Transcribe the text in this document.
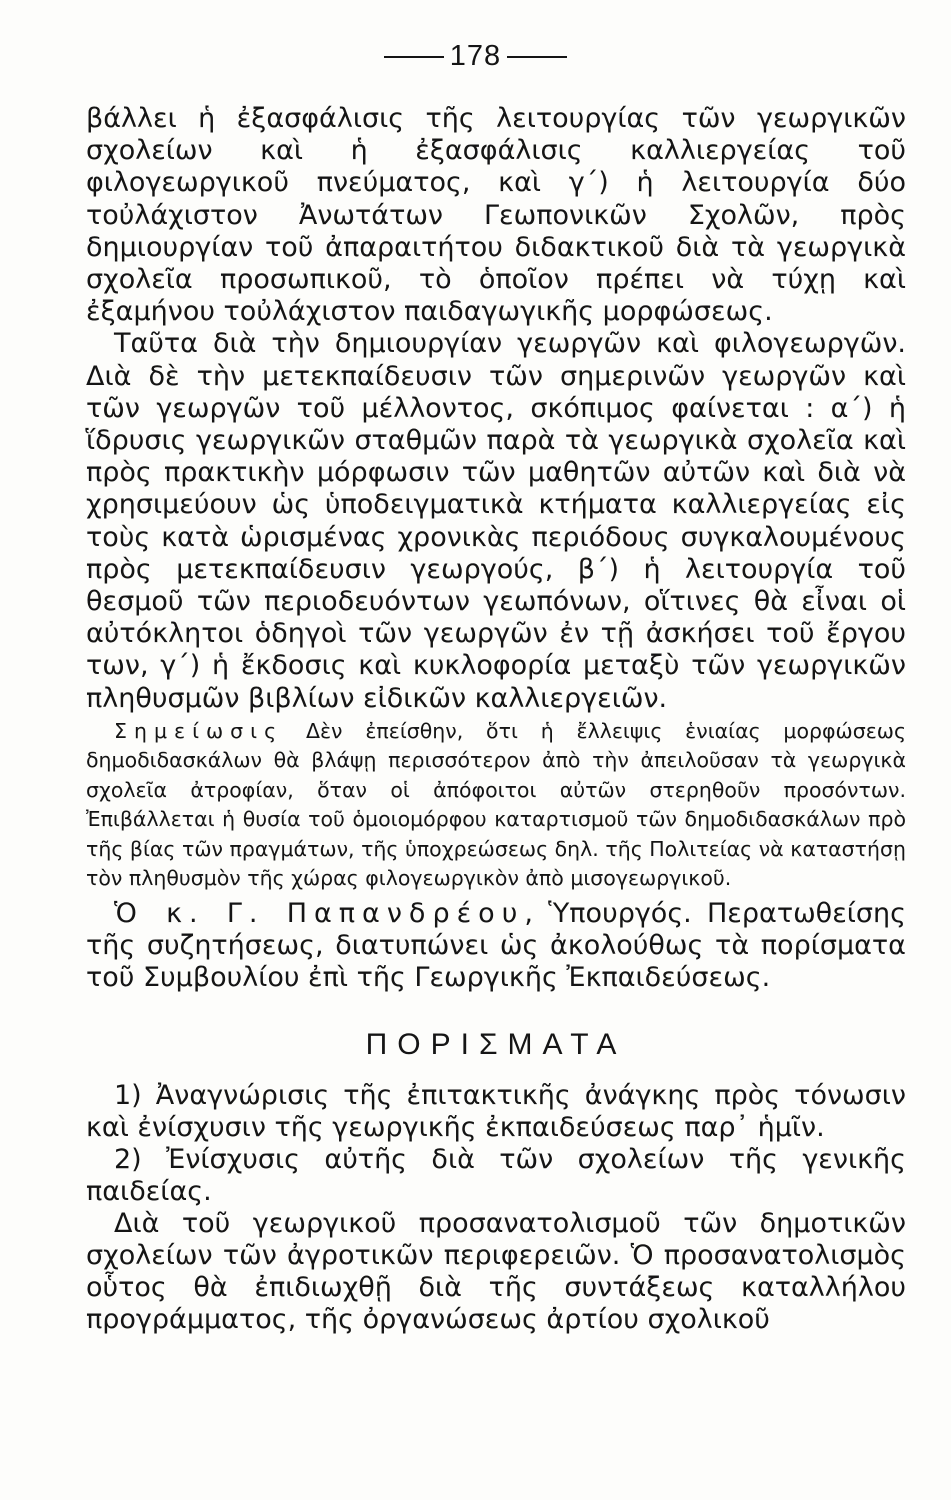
178

βάλλει ἡ ἐξασφάλισις τῆς λειτουργίας τῶν γεωργικῶν σχολείων καὶ ἡ ἐξασφάλισις καλλιεργείας τοῦ φιλογεωργικοῦ πνεύματος, καὶ γ΄) ἡ λειτουργία δύο τοὐλάχιστον Ἀνωτάτων Γεωπονικῶν Σχολῶν, πρὸς δημιουργίαν τοῦ ἀπαραιτήτου διδακτικοῦ διὰ τὰ γεωργικὰ σχολεῖα προσωπικοῦ, τὸ ὁποῖον πρέπει νὰ τύχῃ καὶ ἐξαμήνου τοὐλάχιστον παιδαγωγικῆς μορφώσεως.

Ταῦτα διὰ τὴν δημιουργίαν γεωργῶν καὶ φιλογεωργῶν. Διὰ δὲ τὴν μετεκπαίδευσιν τῶν σημερινῶν γεωργῶν καὶ τῶν γεωργῶν τοῦ μέλλοντος, σκόπιμος φαίνεται : α΄) ἡ ἵδρυσις γεωργικῶν σταθμῶν παρὰ τὰ γεωργικὰ σχολεῖα καὶ πρὸς πρακτικὴν μόρφωσιν τῶν μαθητῶν αὐτῶν καὶ διὰ νὰ χρησιμεύουν ὡς ὑποδειγματικὰ κτήματα καλλιεργείας εἰς τοὺς κατὰ ὡρισμένας χρονικὰς περιόδους συγκαλουμένους πρὸς μετεκπαίδευσιν γεωργούς, β΄) ἡ λειτουργία τοῦ θεσμοῦ τῶν περιοδευόντων γεωπόνων, οἵτινες θὰ εἶναι οἱ αὐτόκλητοι ὁδηγοὶ τῶν γεωργῶν ἐν τῇ ἀσκήσει τοῦ ἔργου των, γ΄) ἡ ἔκδοσις καὶ κυκλοφορία μεταξὺ τῶν γεωργικῶν πληθυσμῶν βιβλίων εἰδικῶν καλλιεργειῶν.

Σημείωσις Δὲν ἐπείσθην, ὅτι ἡ ἔλλειψις ἑνιαίας μορφώσεως δημοδιδασκάλων θὰ βλάψῃ περισσότερον ἀπὸ τὴν ἀπειλοῦσαν τὰ γεωργικὰ σχολεῖα ἀτροφίαν, ὅταν οἱ ἀπόφοιτοι αὐτῶν στερηθοῦν προσόντων. Ἐπιβάλλεται ἡ θυσία τοῦ ὁμοιομόρφου καταρτισμοῦ τῶν δημοδιδασκάλων πρὸ τῆς βίας τῶν πραγμάτων, τῆς ὑποχρεώσεως δηλ. τῆς Πολιτείας νὰ καταστήσῃ τὸν πληθυσμὸν τῆς χώρας φιλογεωργικὸν ἀπὸ μισογεωργικοῦ.

Ὁ κ. Γ. Παπανδρέου, Ὑπουργός. Περατωθείσης τῆς συζητήσεως, διατυπώνει ὡς ἀκολούθως τὰ πορίσματα τοῦ Συμβουλίου ἐπὶ τῆς Γεωργικῆς Ἐκπαιδεύσεως.

ΠΟΡΙΣΜΑΤΑ

1) Ἀναγνώρισις τῆς ἐπιτακτικῆς ἀνάγκης πρὸς τόνωσιν καὶ ἐνίσχυσιν τῆς γεωργικῆς ἐκπαιδεύσεως παρ᾽ ἡμῖν.

2) Ἐνίσχυσις αὐτῆς διὰ τῶν σχολείων τῆς γενικῆς παιδείας.

Διὰ τοῦ γεωργικοῦ προσανατολισμοῦ τῶν δημοτικῶν σχολείων τῶν ἀγροτικῶν περιφερειῶν. Ὁ προσανατολισμὸς οὗτος θὰ ἐπιδιωχθῇ διὰ τῆς συντάξεως καταλλήλου προγράμματος, τῆς ὀργανώσεως ἀρτίου σχολικοῦ
